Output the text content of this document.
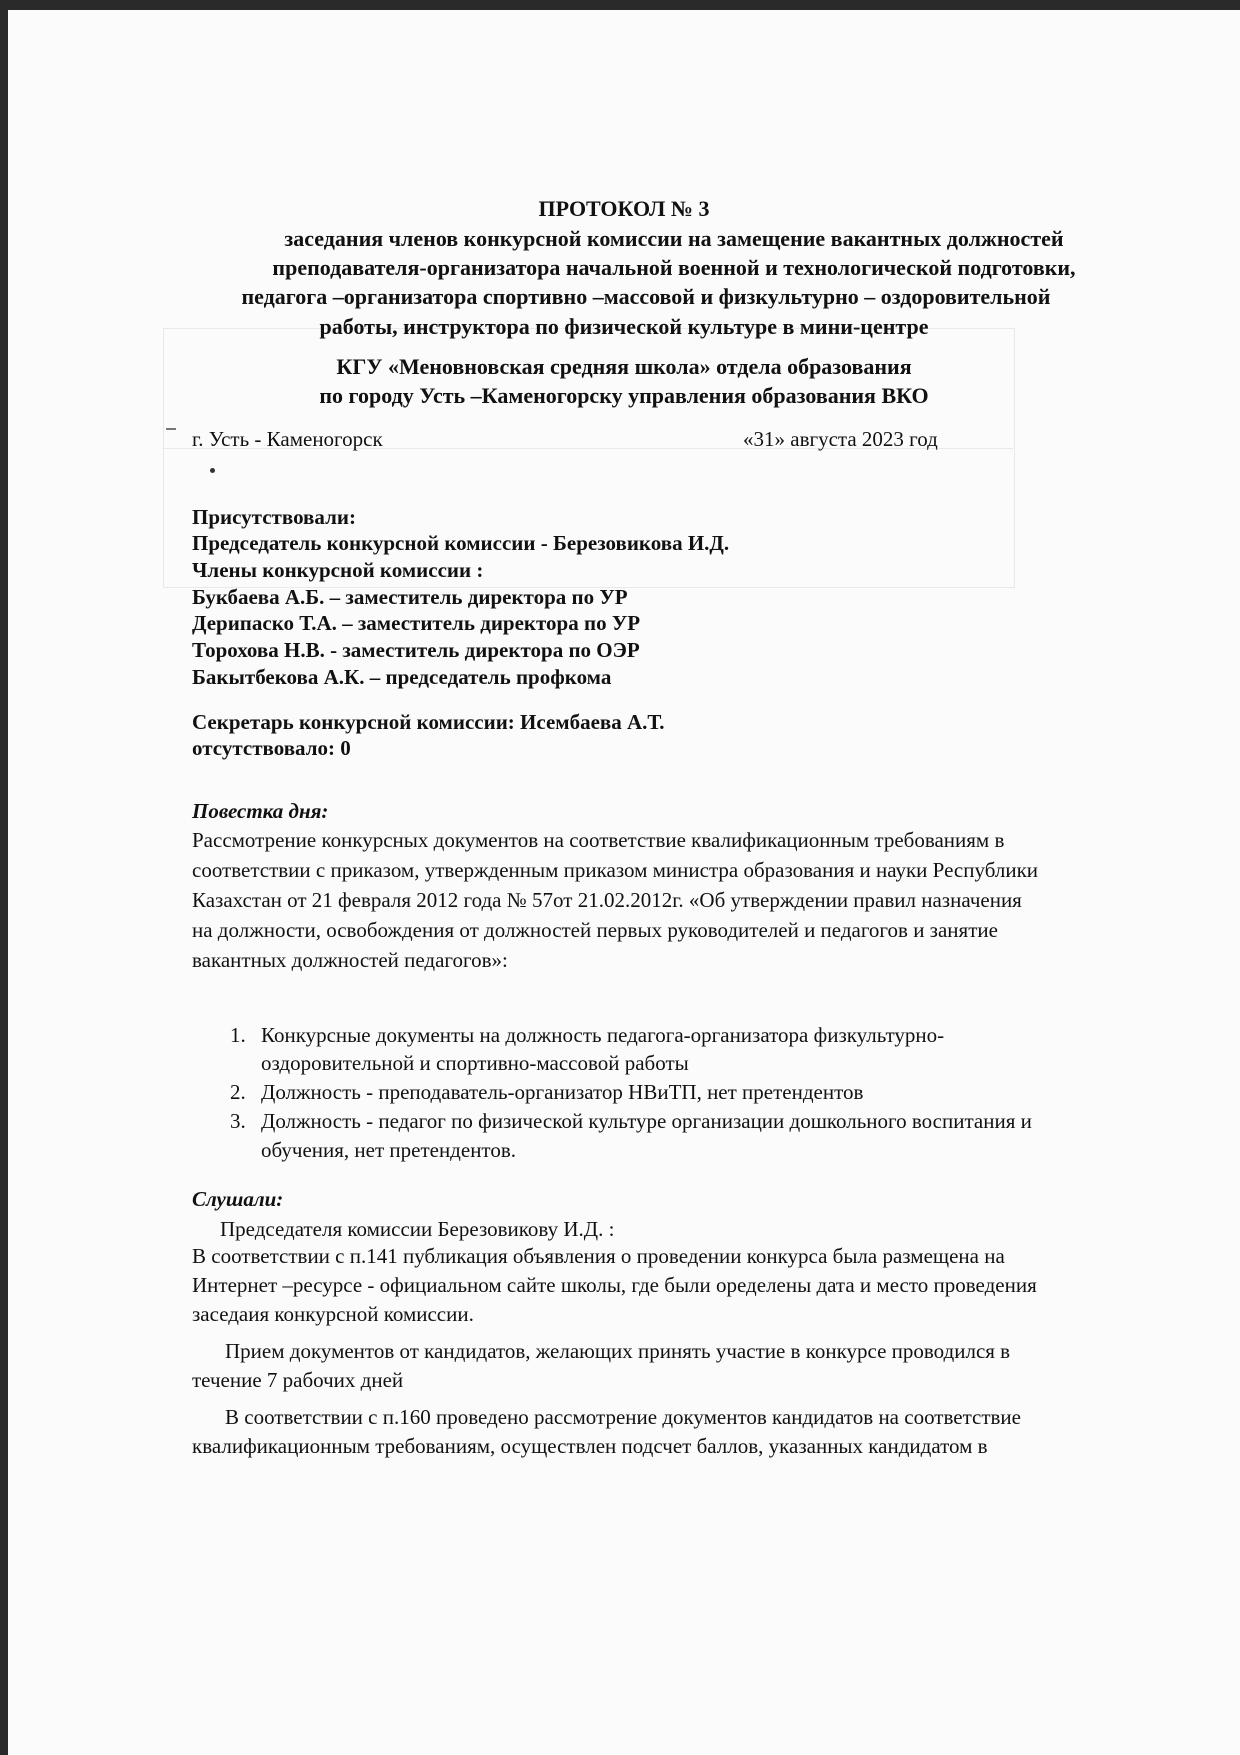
ПРОТОКОЛ № 3
заседания членов конкурсной комиссии на замещение вакантных должностей
преподавателя-организатора начальной военной и технологической подготовки,
педагога –организатора спортивно –массовой и физкультурно – оздоровительной
работы, инструктора по физической культуре в мини-центре
КГУ «Меновновская средняя школа» отдела образования
по городу Усть –Каменогорску управления образования ВКО
г. Усть - Каменогорск	«31» августа 2023 год
Присутствовали:
Председатель конкурсной комиссии - Березовикова И.Д.
Члены конкурсной комиссии :
Букбаева А.Б. – заместитель директора по УР
Дерипаско Т.А. – заместитель директора по УР
Торохова Н.В. - заместитель директора по ОЭР
Бакытбекова А.К. – председатель профкома
Секретарь конкурсной комиссии: Исембаева А.Т.
отсутствовало: 0
Повестка дня:
Рассмотрение конкурсных документов на соответствие квалификационным требованиям в
соответствии с приказом, утвержденным приказом министра образования и науки Республики
Казахстан от 21 февраля 2012 года № 57от 21.02.2012г. «Об утверждении правил назначения
на должности, освобождения от должностей первых руководителей и педагогов и занятие
вакантных должностей педагогов»:
1. Конкурсные документы на должность педагога-организатора физкультурно-
оздоровительной и спортивно-массовой работы
2. Должность - преподаватель-организатор НВиТП, нет претендентов
3. Должность - педагог по физической культуре организации дошкольного воспитания и
обучения, нет претендентов.
Слушали:
Председателя комиссии Березовикову И.Д. :
В соответствии с п.141 публикация объявления о проведении конкурса была размещена на
Интернет –ресурсе - официальном сайте школы, где были оределены дата и место проведения
заседаия конкурсной комиссии.
Прием документов от кандидатов, желающих принять участие в конкурсе проводился в
течение 7 рабочих дней
В соответствии с п.160 проведено рассмотрение документов кандидатов на соответствие
квалификационным требованиям, осуществлен подсчет баллов, указанных кандидатом в
